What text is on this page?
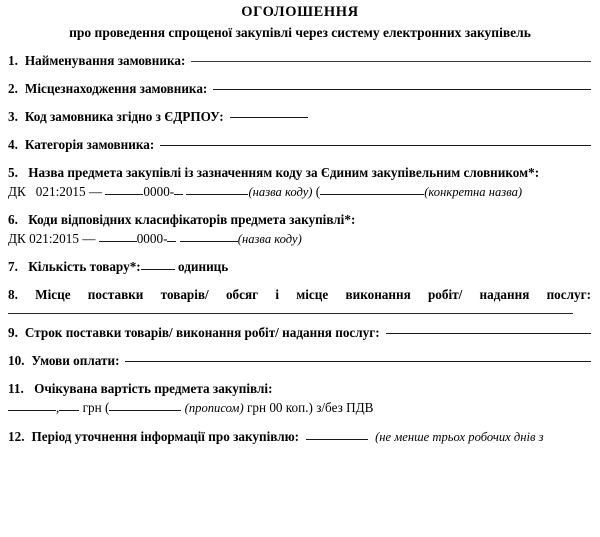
ОГОЛОШЕННЯ
про проведення спрощеної закупівлі через систему електронних закупівель
1. Найменування замовника:
2. Місцезнаходження замовника:
3. Код замовника згідно з ЄДРПОУ:
4. Категорія замовника:
5. Назва предмета закупівлі із зазначенням коду за Єдиним закупівельним словником*:
ДК 021:2015 —	0000-	(назва коду) (	(конкретна назва)
6. Коди відповідних класифікаторів предмета закупівлі*:
ДК 021:2015 —	0000-	(назва коду)
7. Кількість товару*:	одиниць
8. Місце поставки товарів/ обсяг і місце виконання робіт/ надання послуг:
9. Строк поставки товарів/ виконання робіт/ надання послуг:
10. Умови оплати:
11. Очікувана вартість предмета закупівлі:
, грн (	(прописом) грн 00 коп.) з/без ПДВ
12. Період уточнення інформації про закупівлю:	(не менше трьох робочих днів з
